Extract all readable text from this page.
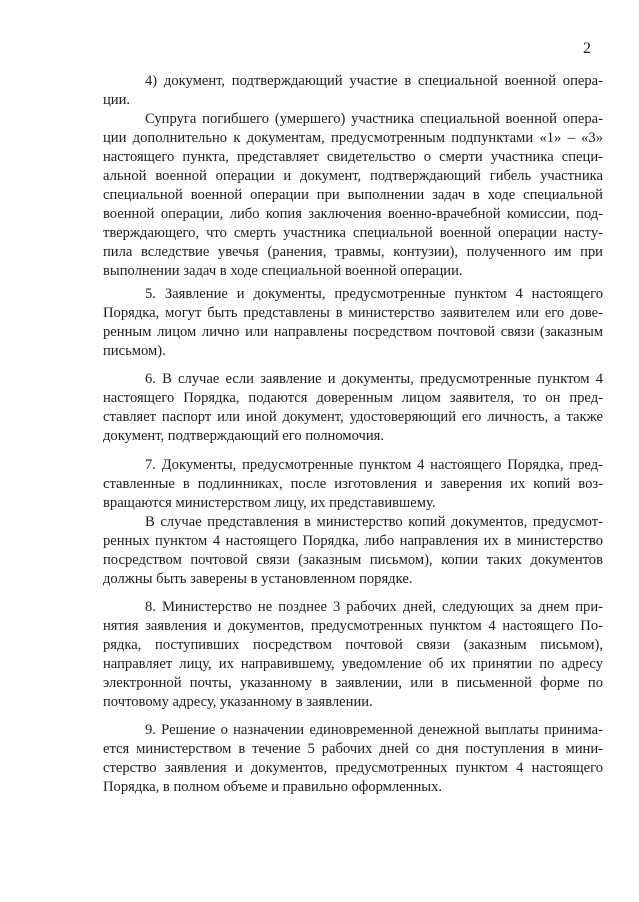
2
4) документ, подтверждающий участие в специальной военной опера-
ции.
Супруга погибшего (умершего) участника специальной военной опера-
ции дополнительно к документам, предусмотренным подпунктами «1» – «3»
настоящего пункта, представляет свидетельство о смерти участника специ-
альной военной операции и документ, подтверждающий гибель участника
специальной военной операции при выполнении задач в ходе специальной
военной операции, либо копия заключения военно-врачебной комиссии, под-
тверждающего, что смерть участника специальной военной операции насту-
пила вследствие увечья (ранения, травмы, контузии), полученного им при
выполнении задач в ходе специальной военной операции.
5. Заявление и документы, предусмотренные пунктом 4 настоящего
Порядка, могут быть представлены в министерство заявителем или его дове-
ренным лицом лично или направлены посредством почтовой связи (заказным
письмом).
6. В случае если заявление и документы, предусмотренные пунктом 4
настоящего Порядка, подаются доверенным лицом заявителя, то он пред-
ставляет паспорт или иной документ, удостоверяющий его личность, а также
документ, подтверждающий его полномочия.
7. Документы, предусмотренные пунктом 4 настоящего Порядка, пред-
ставленные в подлинниках, после изготовления и заверения их копий воз-
вращаются министерством лицу, их представившему.
В случае представления в министерство копий документов, предусмот-
ренных пунктом 4 настоящего Порядка, либо направления их в министерство
посредством почтовой связи (заказным письмом), копии таких документов
должны быть заверены в установленном порядке.
8. Министерство не позднее 3 рабочих дней, следующих за днем при-
нятия заявления и документов, предусмотренных пунктом 4 настоящего По-
рядка, поступивших посредством почтовой связи (заказным письмом),
направляет лицу, их направившему, уведомление об их принятии по адресу
электронной почты, указанному в заявлении, или в письменной форме по
почтовому адресу, указанному в заявлении.
9. Решение о назначении единовременной денежной выплаты принима-
ется министерством в течение 5 рабочих дней со дня поступления в мини-
стерство заявления и документов, предусмотренных пунктом 4 настоящего
Порядка, в полном объеме и правильно оформленных.
